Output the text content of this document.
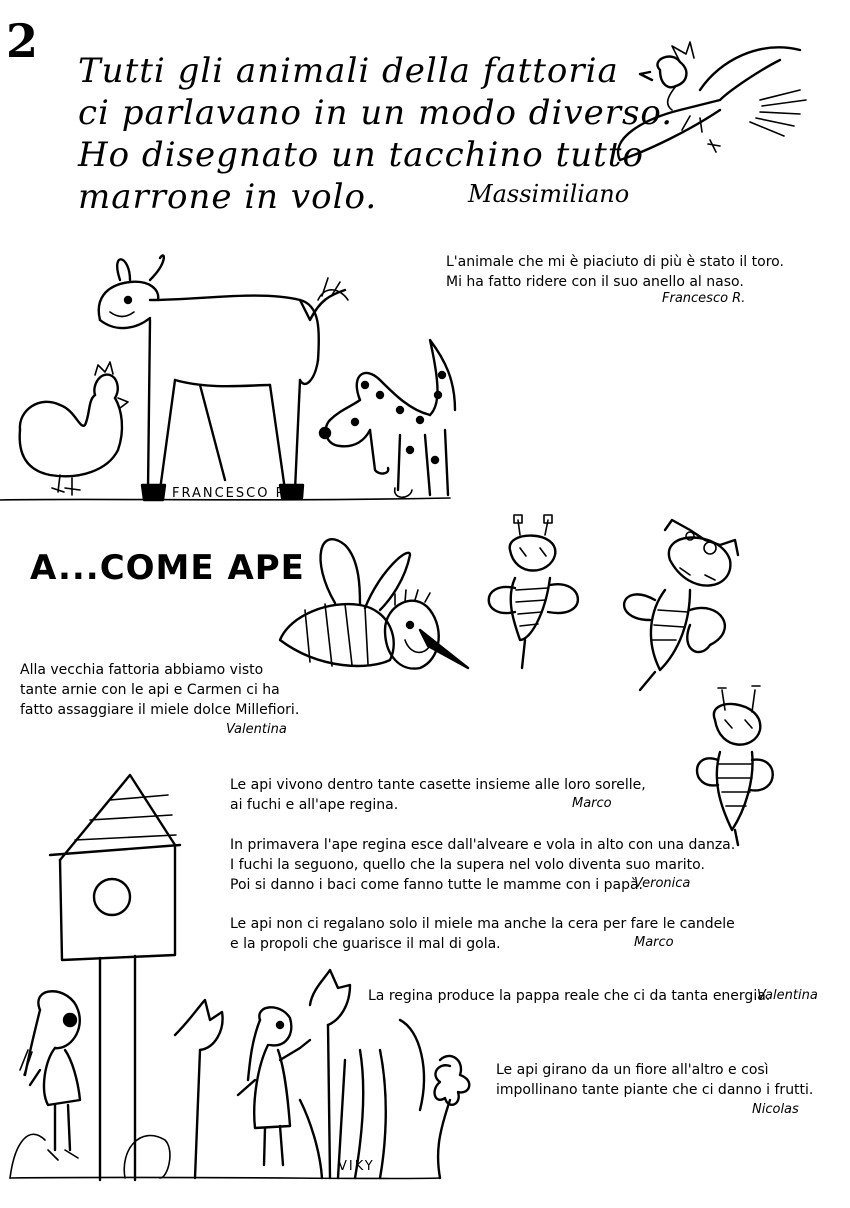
2
Tutti gli animali della fattoria
ci parlavano in un modo diverso.
Ho disegnato un tacchino tutto
marrone in volo.	Massimiliano
L'animale che mi è piaciuto di più è stato il toro.
Mi ha fatto ridere con il suo anello al naso.
Francesco R.
A...COME APE
Alla vecchia fattoria abbiamo visto
tante arnie con le api e Carmen ci ha
fatto assaggiare il miele dolce Millefiori.
Valentina
Le api vivono dentro tante casette insieme alle loro sorelle,
ai fuchi e all'ape regina.	Marco
In primavera l'ape regina esce dall'alveare e vola in alto con una danza.
I fuchi la seguono, quello che la supera nel volo diventa suo marito.
Poi si danno i baci come fanno tutte le mamme con i papà.
Veronica
Le api non ci regalano solo il miele ma anche la cera per fare le candele
e la propoli che guarisce il mal di gola.	Marco
La regina produce la pappa reale che ci da tanta energia.
Valentina
Le api girano da un fiore all'altro e così
impollinano tante piante che ci danno i frutti.
Nicolas
FRANCESCO R.
VIKY
